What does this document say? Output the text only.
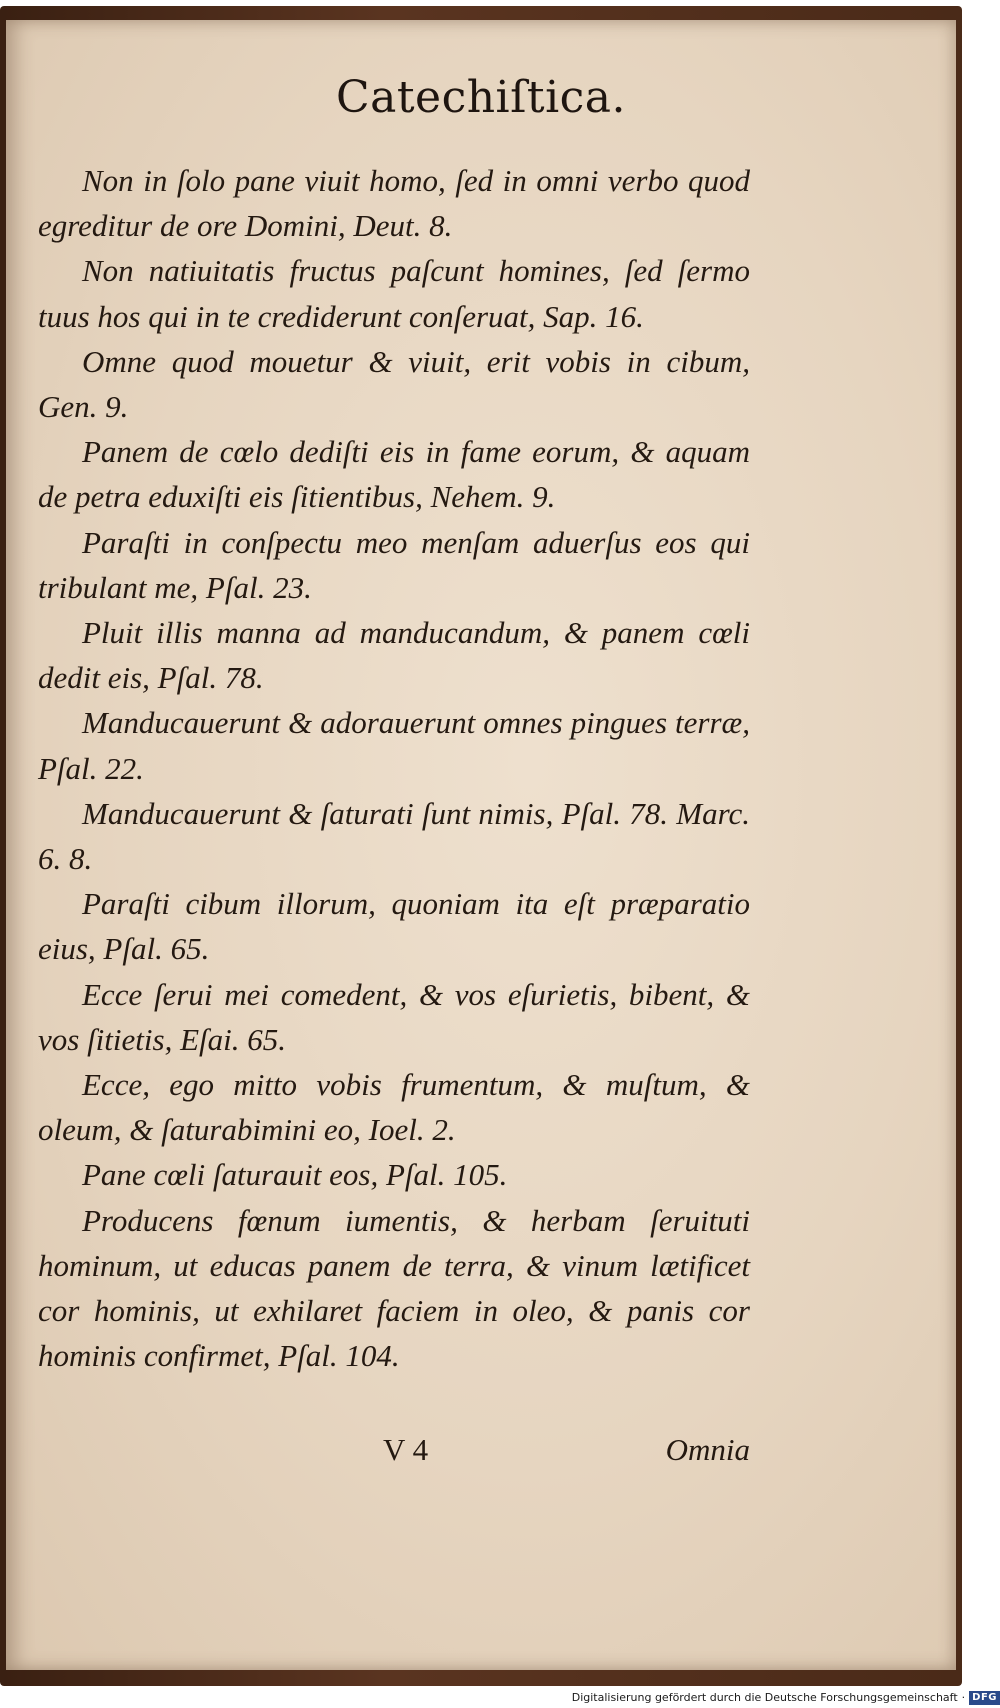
Catechiſtica.

Non in ſolo pane viuit homo, ſed in omni verbo quod egreditur de ore Domini, Deut. 8.

Non natiuitatis fructus paſcunt homines, ſed ſermo tuus hos qui in te crediderunt conſeruat, Sap. 16.

Omne quod mouetur & viuit, erit vobis in cibum, Gen. 9.

Panem de cœlo dediſti eis in fame eorum, & aquam de petra eduxiſti eis ſitientibus, Nehem. 9.

Paraſti in conſpectu meo menſam aduerſus eos qui tribulant me, Pſal. 23.

Pluit illis manna ad manducandum, & panem cœli dedit eis, Pſal. 78.

Manducauerunt & adorauerunt omnes pingues terræ, Pſal. 22.

Manducauerunt & ſaturati ſunt nimis, Pſal. 78. Marc. 6. 8.

Paraſti cibum illorum, quoniam ita eſt præparatio eius, Pſal. 65.

Ecce ſerui mei comedent, & vos eſurietis, bibent, & vos ſitietis, Eſai. 65.

Ecce, ego mitto vobis frumentum, & muſtum, & oleum, & ſaturabimini eo, Ioel. 2.

Pane cœli ſaturauit eos, Pſal. 105.

Producens fœnum iumentis, & herbam ſeruituti hominum, ut educas panem de terra, & vinum lætificet cor hominis, ut exhilaret faciem in oleo, & panis cor hominis confirmet, Pſal. 104.

V 4	Omnia
Digitalisierung gefördert durch die Deutsche Forschungsgemeinschaft · DFG
